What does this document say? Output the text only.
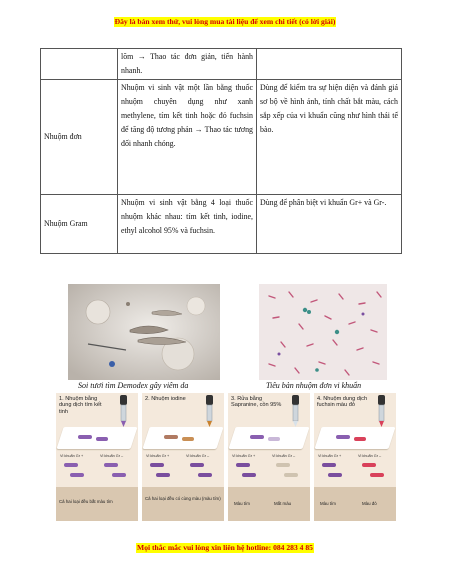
Đây là bản xem thử, vui lòng mua tài liệu để xem chi tiết (có lời giải)
	lõm → Thao tác đơn giản, tiến hành nhanh.	
Nhuộm đơn	Nhuộm vi sinh vật một lần bằng thuốc nhuộm chuyên dụng như xanh methylene, tím kết tinh hoặc đỏ fuchsin để tăng độ tương phản → Thao tác tương đối nhanh chóng.	Dùng để kiểm tra sự hiện diện và đánh giá sơ bộ về hình ảnh, tính chất bắt màu, cách sắp xếp của vi khuẩn cũng như hình thái tế bào.
Nhuộm Gram	Nhuộm vi sinh vật bằng 4 loại thuốc nhuộm khác nhau: tím kết tinh, iodine, ethyl alcohol 95% và fuchsin.	Dùng để phân biệt vi khuẩn Gr+ và Gr-.
Soi tươi tìm Demodex gây viêm da	Tiêu bản nhuộm đơn vi khuẩn
1. Nhuộm bằng dung dịch tím kết tinh
Vi khuẩn Gr +	Vi khuẩn Gr –
Cả hai loại đều bắt màu tím
2. Nhuộm iodine
Vi khuẩn Gr +	Vi khuẩn Gr –
Cả hai loại đều có cùng màu (màu tím)
3. Rửa bằng Sapranine, cồn 95%
Vi khuẩn Gr +	Vi khuẩn Gr –
Màu tím	Mất màu
4. Nhuộm dung dịch fuchsin màu đỏ
Vi khuẩn Gr +	Vi khuẩn Gr –
Màu tím	Màu đỏ
Mọi thắc mắc vui lòng xin liên hệ hotline: 084 283 4 85
